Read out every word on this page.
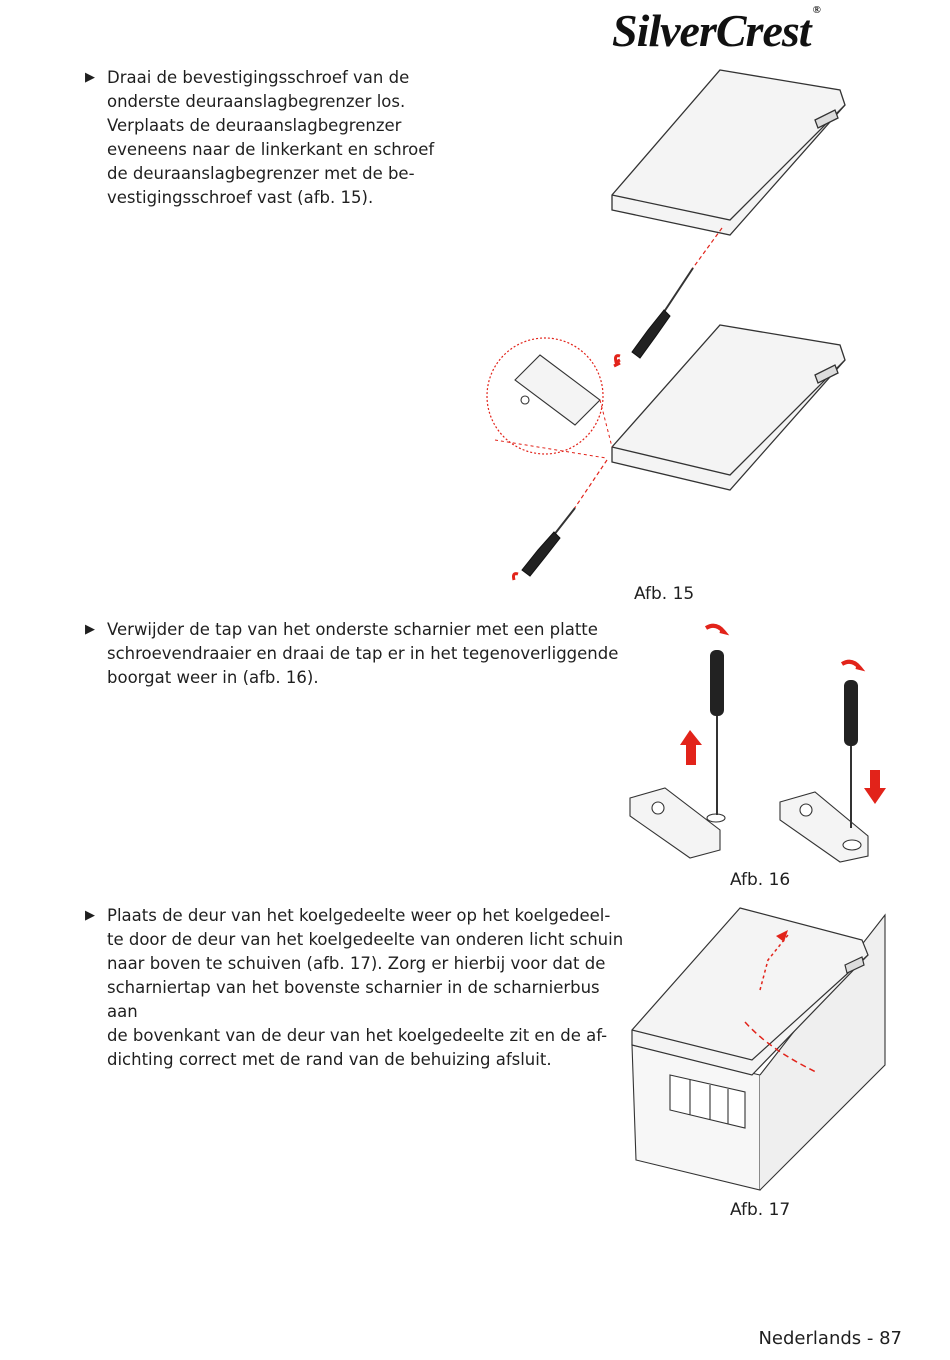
SilverCrest ®
▶ Draai de bevestigingsschroef van de
onderste deuraanslagbegrenzer los.
Verplaats de deuraanslagbegrenzer
eveneens naar de linkerkant en schroef
de deuraanslagbegrenzer met de be-
vestigingsschroef vast (afb. 15).
▶ Verwijder de tap van het onderste scharnier met een platte
schroevendraaier en draai de tap er in het tegenoverliggende
boorgat weer in (afb. 16).
▶ Plaats de deur van het koelgedeelte weer op het koelgedeel-
te door de deur van het koelgedeelte van onderen licht schuin
naar boven te schuiven (afb. 17). Zorg er hierbij voor dat de
scharniertap van het bovenste scharnier in de scharnierbus aan
de bovenkant van de deur van het koelgedeelte zit en de af-
dichting correct met de rand van de behuizing afsluit.
Afb. 15
Afb. 16
Afb. 17
Nederlands - 87
